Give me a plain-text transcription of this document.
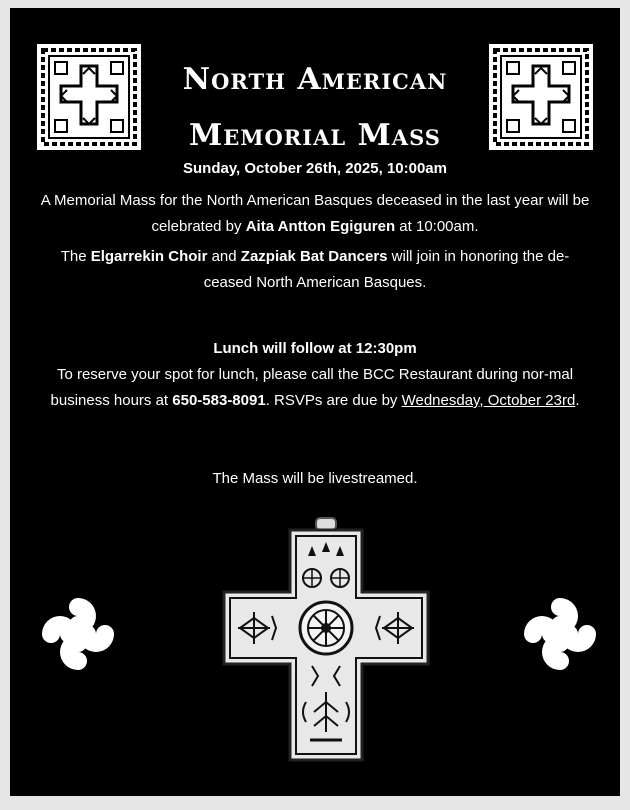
North American
Memorial Mass
Sunday, October 26th, 2025, 10:00am
A Memorial Mass for the North American Basques deceased in the last year will be celebrated by Aita Antton Egiguren at 10:00am.
The Elgarrekin Choir and Zazpiak Bat Dancers will join in honoring the de-ceased North American Basques.
Lunch will follow at 12:30pm
To reserve your spot for lunch, please call the BCC Restaurant during nor-mal business hours at 650-583-8091. RSVPs are due by Wednesday, October 23rd.
The Mass will be livestreamed.
